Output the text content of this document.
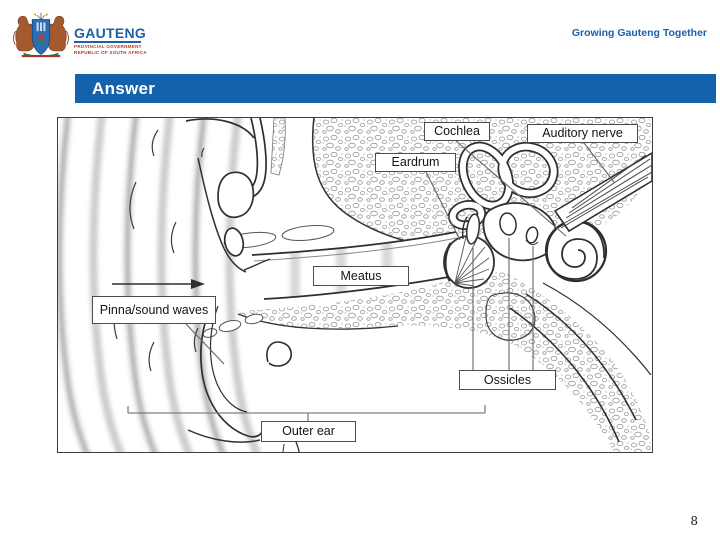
GAUTENG
PROVINCIAL GOVERNMENT
REPUBLIC OF SOUTH AFRICA
Growing Gauteng Together
Answer
Cochlea	Auditory nerve
Eardrum
Meatus
Pinna/sound waves
Ossicles
Outer ear
8
